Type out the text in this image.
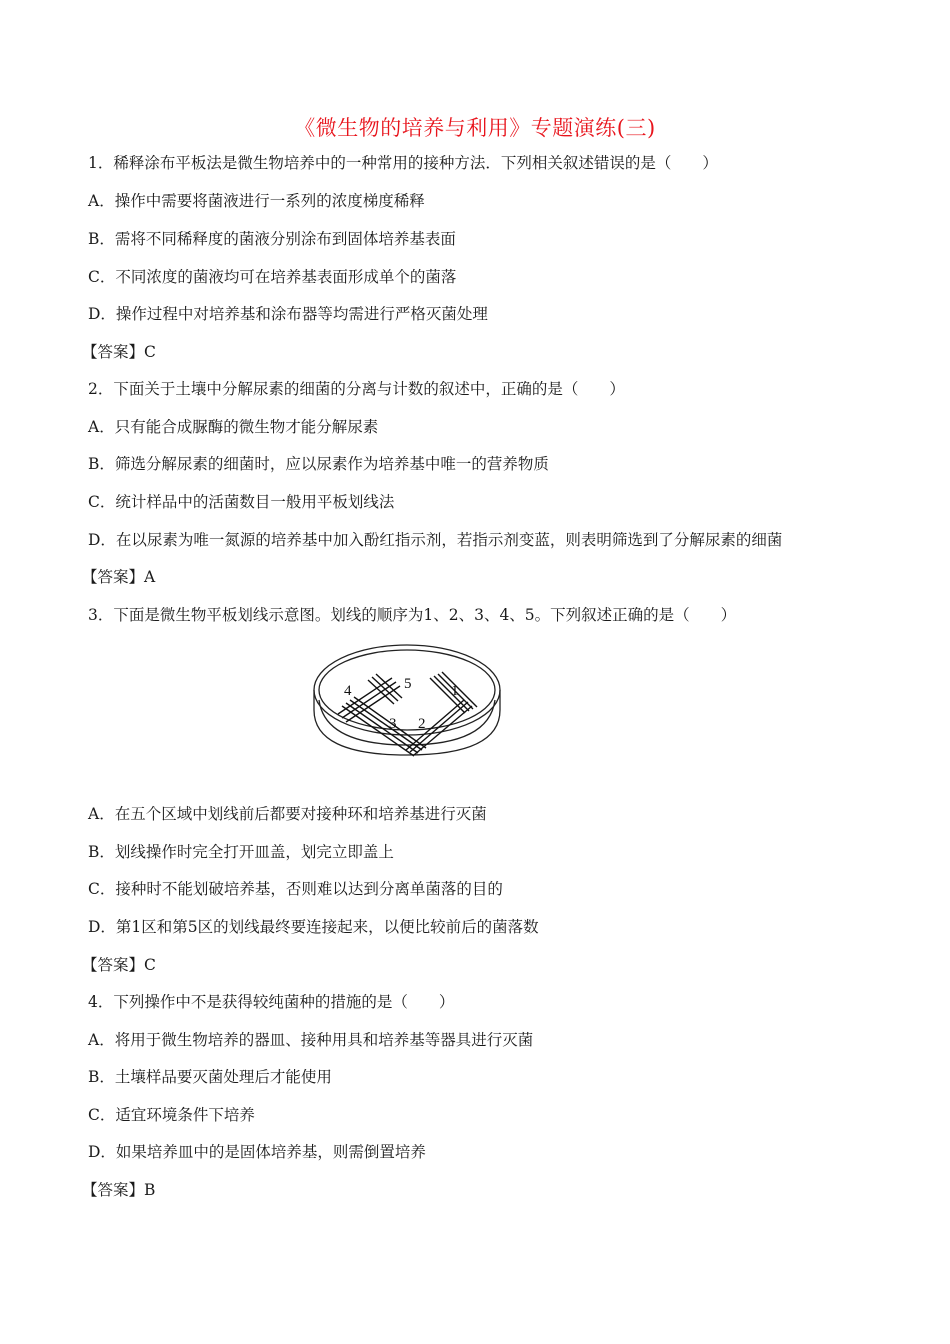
《微生物的培养与利用》专题演练(三)
1．稀释涂布平板法是微生物培养中的一种常用的接种方法．下列相关叙述错误的是（　　）
A．操作中需要将菌液进行一系列的浓度梯度稀释
B．需将不同稀释度的菌液分别涂布到固体培养基表面
C．不同浓度的菌液均可在培养基表面形成单个的菌落
D．操作过程中对培养基和涂布器等均需进行严格灭菌处理
【答案】C
2．下面关于土壤中分解尿素的细菌的分离与计数的叙述中，正确的是（　　）
A．只有能合成脲酶的微生物才能分解尿素
B．筛选分解尿素的细菌时，应以尿素作为培养基中唯一的营养物质
C．统计样品中的活菌数目一般用平板划线法
D．在以尿素为唯一氮源的培养基中加入酚红指示剂，若指示剂变蓝，则表明筛选到了分解尿素的细菌
【答案】A
3．下面是微生物平板划线示意图。划线的顺序为1、2、3、4、5。下列叙述正确的是（　　）
1
2
3
4	5
A．在五个区域中划线前后都要对接种环和培养基进行灭菌
B．划线操作时完全打开皿盖，划完立即盖上
C．接种时不能划破培养基，否则难以达到分离单菌落的目的
D．第1区和第5区的划线最终要连接起来，以便比较前后的菌落数
【答案】C
4．下列操作中不是获得较纯菌种的措施的是（　　）
A．将用于微生物培养的器皿、接种用具和培养基等器具进行灭菌
B．土壤样品要灭菌处理后才能使用
C．适宜环境条件下培养
D．如果培养皿中的是固体培养基，则需倒置培养
【答案】B
